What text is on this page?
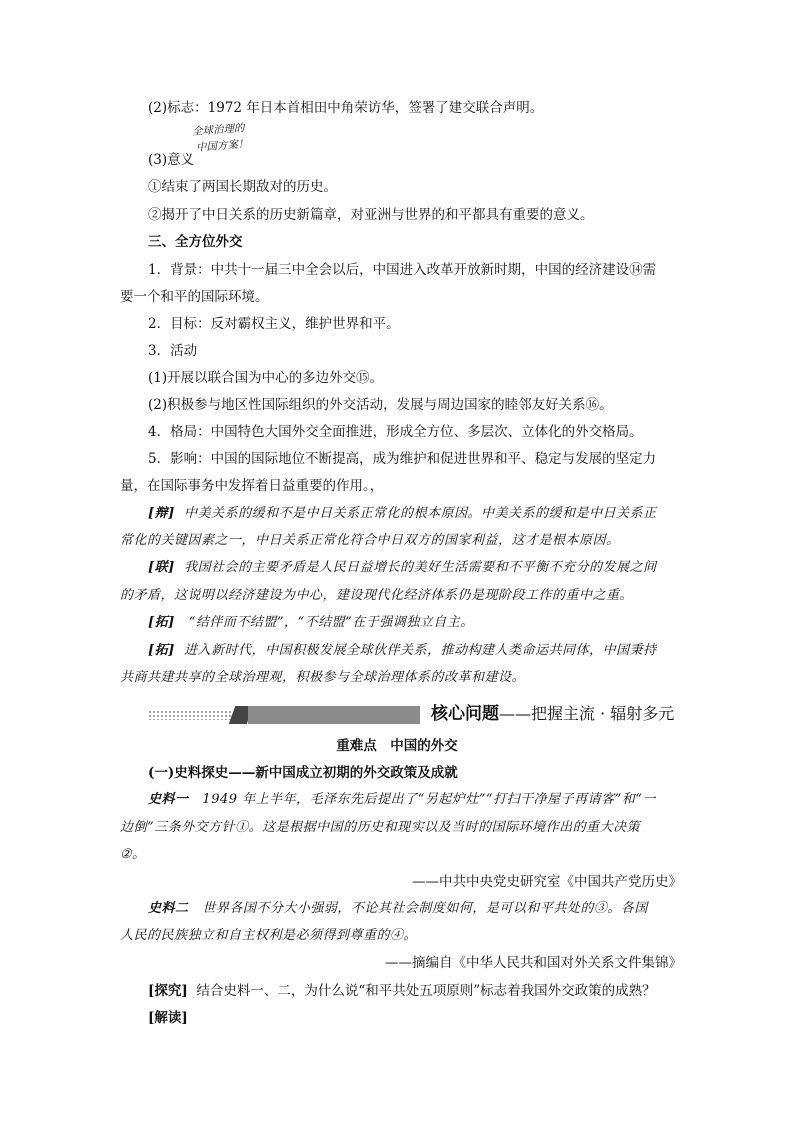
(2)标志：1972 年日本首相田中角荣访华，签署了建交联合声明。
全球治理的
中国方案！
(3)意义
①结束了两国长期敌对的历史。
②揭开了中日关系的历史新篇章，对亚洲与世界的和平都具有重要的意义。
三、全方位外交
1．背景：中共十一届三中全会以后，中国进入改革开放新时期，中国的经济建设⑭需
要一个和平的国际环境。
2．目标：反对霸权主义，维护世界和平。
3．活动
(1)开展以联合国为中心的多边外交⑮。
(2)积极参与地区性国际组织的外交活动，发展与周边国家的睦邻友好关系⑯。
4．格局：中国特色大国外交全面推进，形成全方位、多层次、立体化的外交格局。
5．影响：中国的国际地位不断提高，成为维护和促进世界和平、稳定与发展的坚定力
量，在国际事务中发挥着日益重要的作用。，
[辩] 中美关系的缓和不是中日关系正常化的根本原因。中美关系的缓和是中日关系正
常化的关键因素之一，中日关系正常化符合中日双方的国家利益，这才是根本原因。
[联] 我国社会的主要矛盾是人民日益增长的美好生活需要和不平衡不充分的发展之间
的矛盾，这说明以经济建设为中心，建设现代化经济体系仍是现阶段工作的重中之重。
[拓] “结伴而不结盟”，“不结盟”在于强调独立自主。
[拓] 进入新时代，中国积极发展全球伙伴关系，推动构建人类命运共同体，中国秉持
共商共建共享的全球治理观，积极参与全球治理体系的改革和建设。
核心问题——把握主流 · 辐射多元
重难点　中国的外交
(一)史料探史——新中国成立初期的外交政策及成就
史料一 1949 年上半年，毛泽东先后提出了“另起炉灶”“打扫干净屋子再请客”和“一
边倒”三条外交方针①。这是根据中国的历史和现实以及当时的国际环境作出的重大决策
②。
——中共中央党史研究室《中国共产党历史》
史料二 世界各国不分大小强弱，不论其社会制度如何，是可以和平共处的③。各国
人民的民族独立和自主权利是必须得到尊重的④。
——摘编自《中华人民共和国对外关系文件集锦》
[探究] 结合史料一、二，为什么说“和平共处五项原则”标志着我国外交政策的成熟？
[解读]
